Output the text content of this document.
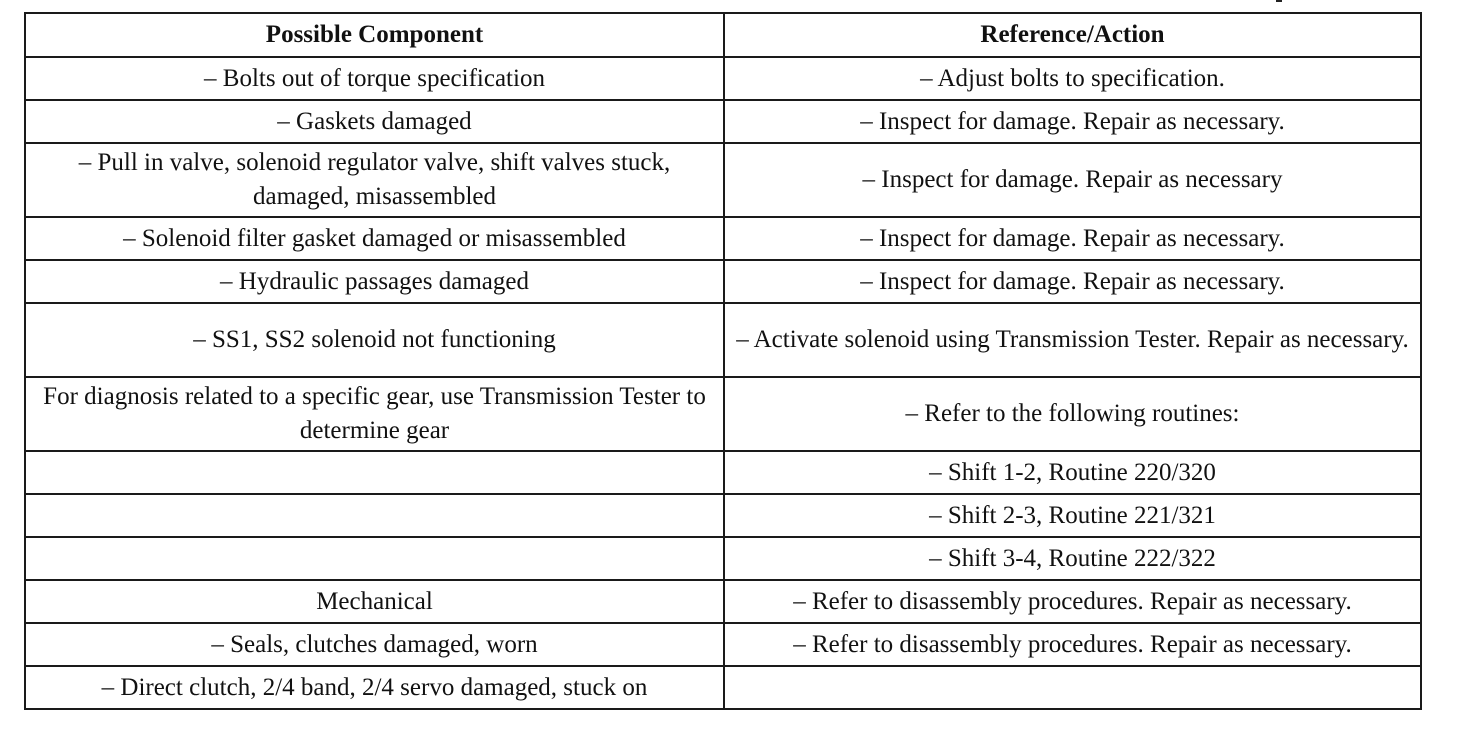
Possible Component	Reference/Action
– Bolts out of torque specification	– Adjust bolts to specification.
– Gaskets damaged	– Inspect for damage. Repair as necessary.
– Pull in valve, solenoid regulator valve, shift valves stuck, damaged, misassembled	– Inspect for damage. Repair as necessary
– Solenoid filter gasket damaged or misassembled	– Inspect for damage. Repair as necessary.
– Hydraulic passages damaged	– Inspect for damage. Repair as necessary.
– SS1, SS2 solenoid not functioning	– Activate solenoid using Transmission Tester. Repair as necessary.
For diagnosis related to a specific gear, use Transmission Tester to determine gear	– Refer to the following routines:
	– Shift 1-2, Routine 220/320
	– Shift 2-3, Routine 221/321
	– Shift 3-4, Routine 222/322
Mechanical	– Refer to disassembly procedures. Repair as necessary.
– Seals, clutches damaged, worn	– Refer to disassembly procedures. Repair as necessary.
– Direct clutch, 2/4 band, 2/4 servo damaged, stuck on	
